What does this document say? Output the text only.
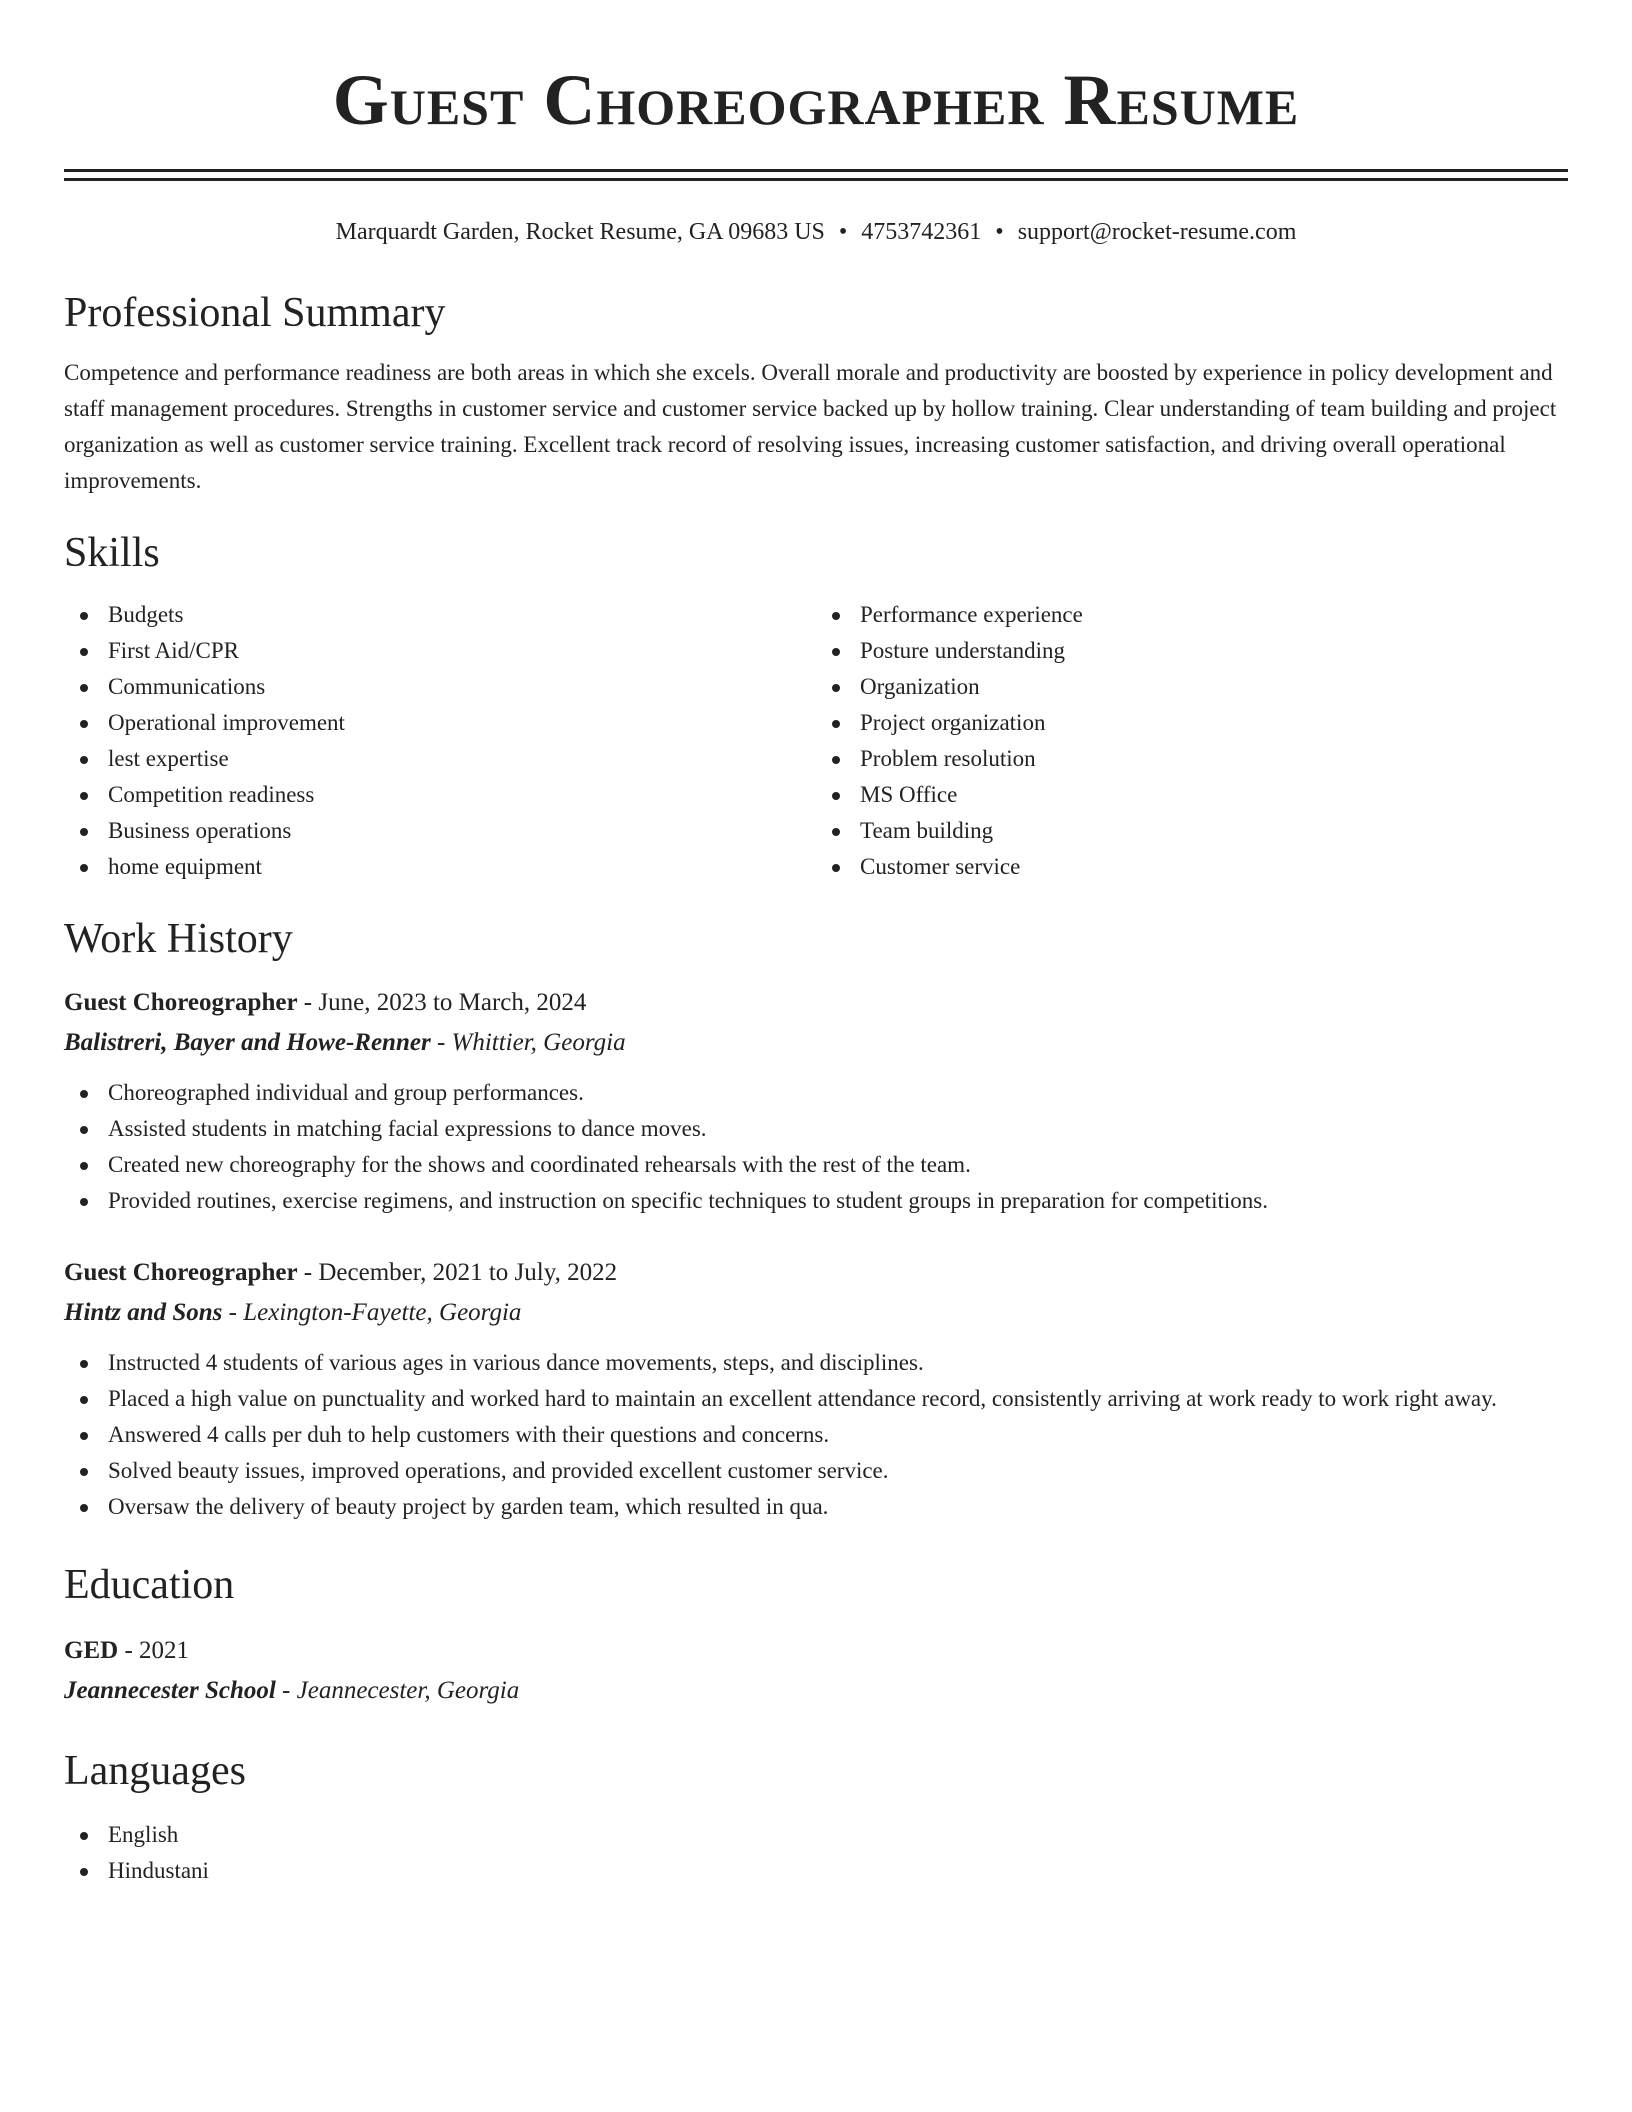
Guest Choreographer Resume
Marquardt Garden, Rocket Resume, GA 09683 US • 4753742361 • support@rocket-resume.com
Professional Summary
Competence and performance readiness are both areas in which she excels. Overall morale and productivity are boosted by experience in policy development and staff management procedures. Strengths in customer service and customer service backed up by hollow training. Clear understanding of team building and project organization as well as customer service training. Excellent track record of resolving issues, increasing customer satisfaction, and driving overall operational improvements.
Skills
Budgets
First Aid/CPR
Communications
Operational improvement
lest expertise
Competition readiness
Business operations
home equipment
Performance experience
Posture understanding
Organization
Project organization
Problem resolution
MS Office
Team building
Customer service
Work History
Guest Choreographer - June, 2023 to March, 2024
Balistreri, Bayer and Howe-Renner - Whittier, Georgia
Choreographed individual and group performances.
Assisted students in matching facial expressions to dance moves.
Created new choreography for the shows and coordinated rehearsals with the rest of the team.
Provided routines, exercise regimens, and instruction on specific techniques to student groups in preparation for competitions.
Guest Choreographer - December, 2021 to July, 2022
Hintz and Sons - Lexington-Fayette, Georgia
Instructed 4 students of various ages in various dance movements, steps, and disciplines.
Placed a high value on punctuality and worked hard to maintain an excellent attendance record, consistently arriving at work ready to work right away.
Answered 4 calls per duh to help customers with their questions and concerns.
Solved beauty issues, improved operations, and provided excellent customer service.
Oversaw the delivery of beauty project by garden team, which resulted in qua.
Education
GED - 2021
Jeannecester School - Jeannecester, Georgia
Languages
English
Hindustani
